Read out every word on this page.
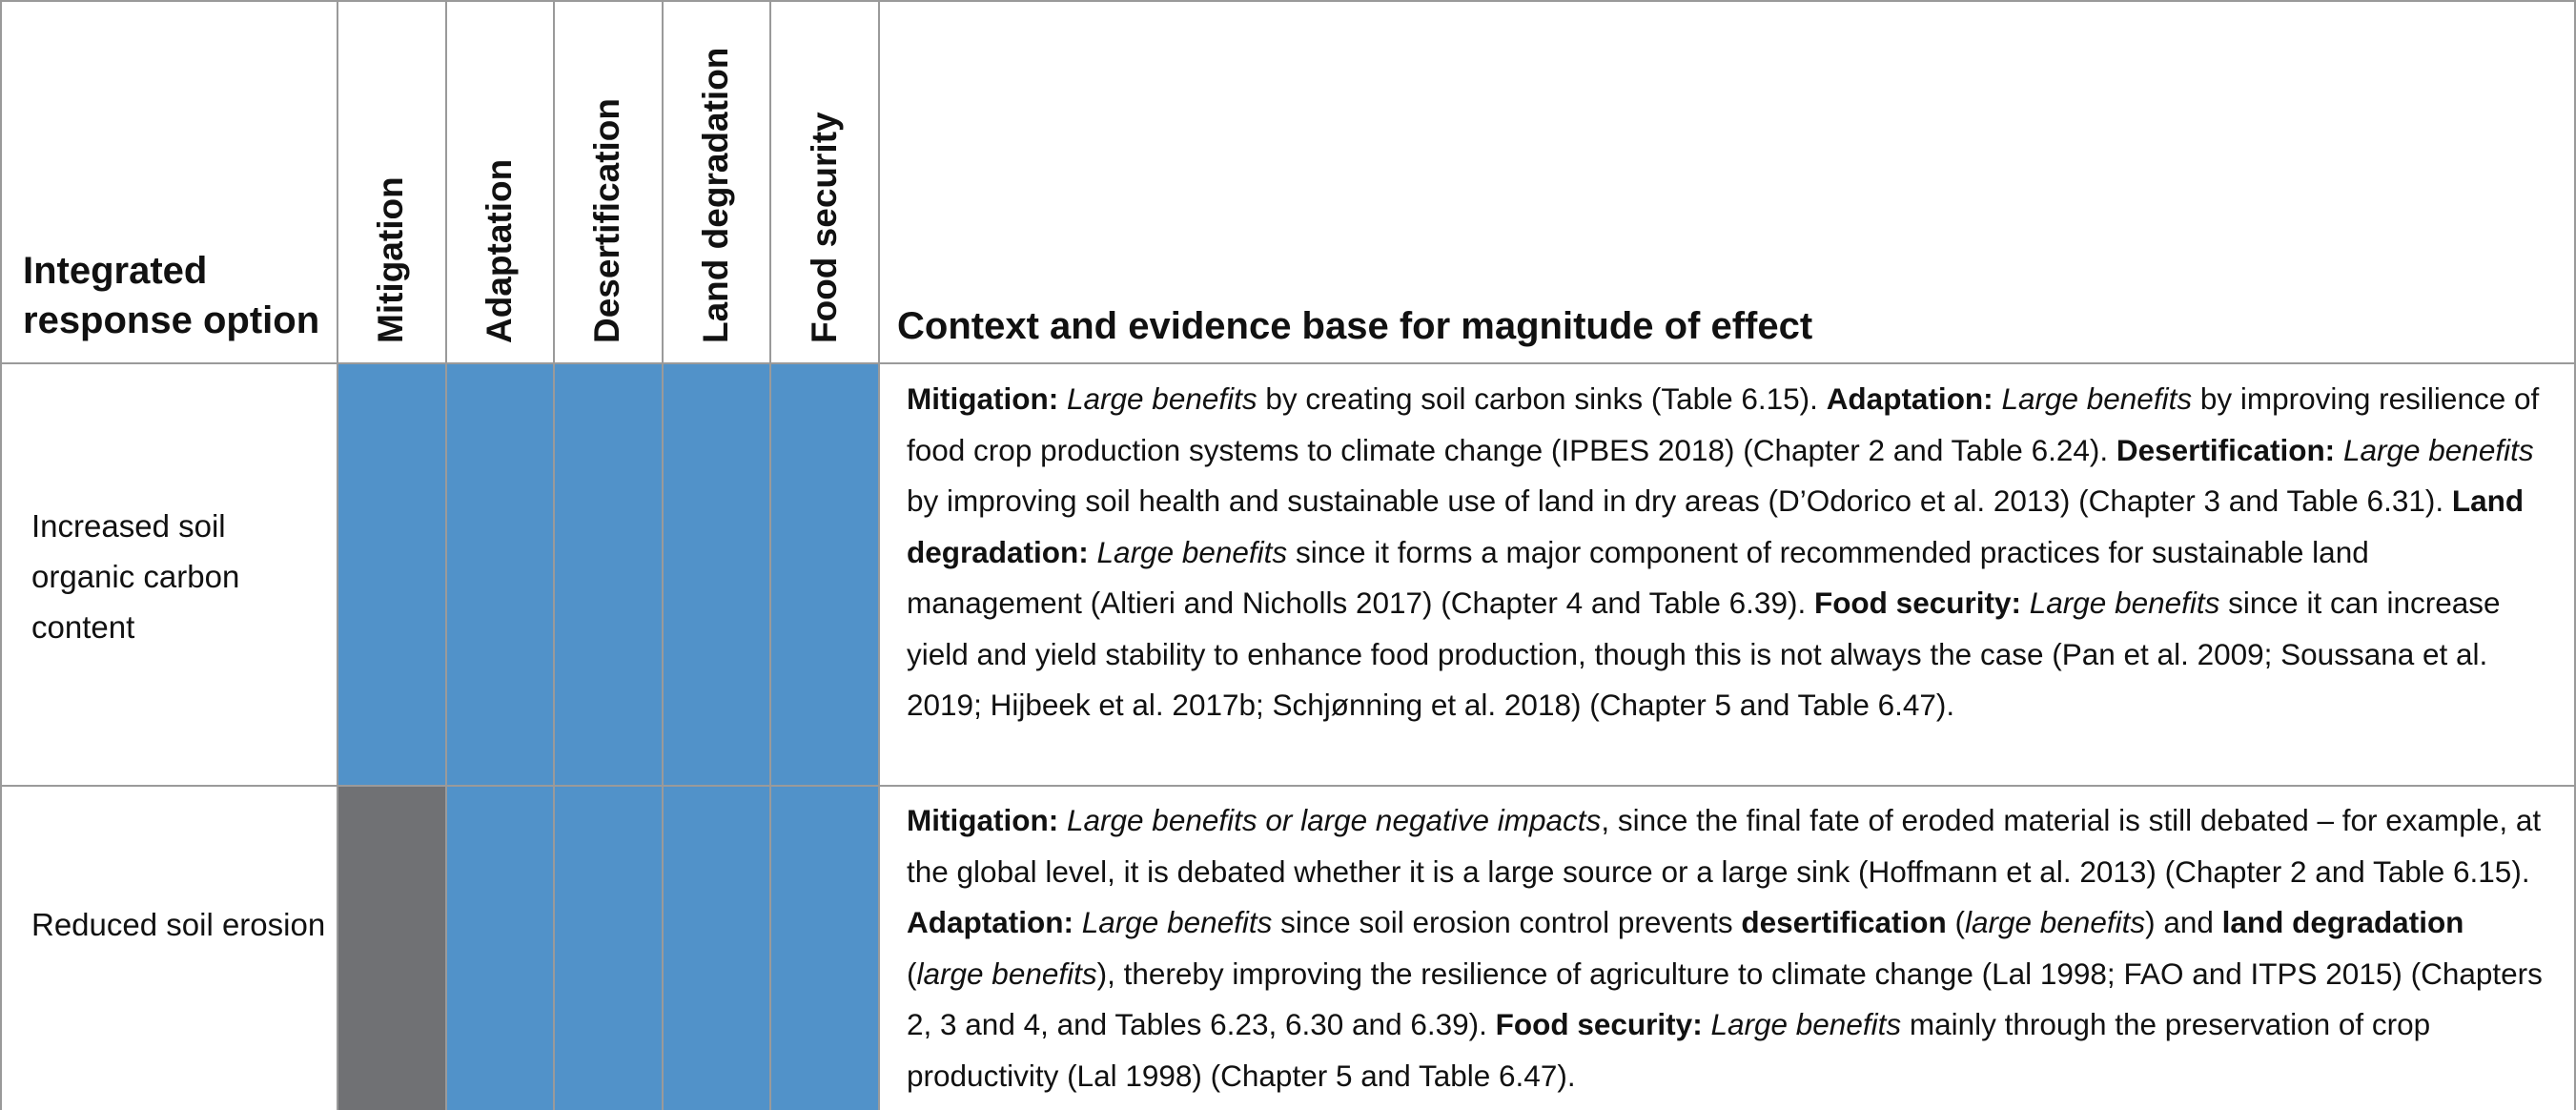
Integrated response option	Mitigation Adaptation Desertification Land degradation Food security Context and evidence base for magnitude of effect
Increased soil organic carbon content
Mitigation: Large benefits by creating soil carbon sinks (Table 6.15). Adaptation: Large benefits by improving resilience of food crop production systems to climate change (IPBES 2018) (Chapter 2 and Table 6.24). Desertification: Large benefits by improving soil health and sustainable use of land in dry areas (D’Odorico et al. 2013) (Chapter 3 and Table 6.31). Land degradation: Large benefits since it forms a major component of recommended practices for sustainable land management (Altieri and Nicholls 2017) (Chapter 4 and Table 6.39). Food security: Large benefits since it can increase yield and yield stability to enhance food production, though this is not always the case (Pan et al. 2009; Soussana et al. 2019; Hijbeek et al. 2017b; Schjønning et al. 2018) (Chapter 5 and Table 6.47).
Reduced soil erosion
Mitigation: Large benefits or large negative impacts, since the final fate of eroded material is still debated – for example, at the global level, it is debated whether it is a large source or a large sink (Hoffmann et al. 2013) (Chapter 2 and Table 6.15). Adaptation: Large benefits since soil erosion control prevents desertification (large benefits) and land degradation (large benefits), thereby improving the resilience of agriculture to climate change (Lal 1998; FAO and ITPS 2015) (Chapters 2, 3 and 4, and Tables 6.23, 6.30 and 6.39). Food security: Large benefits mainly through the preservation of crop productivity (Lal 1998) (Chapter 5 and Table 6.47).
